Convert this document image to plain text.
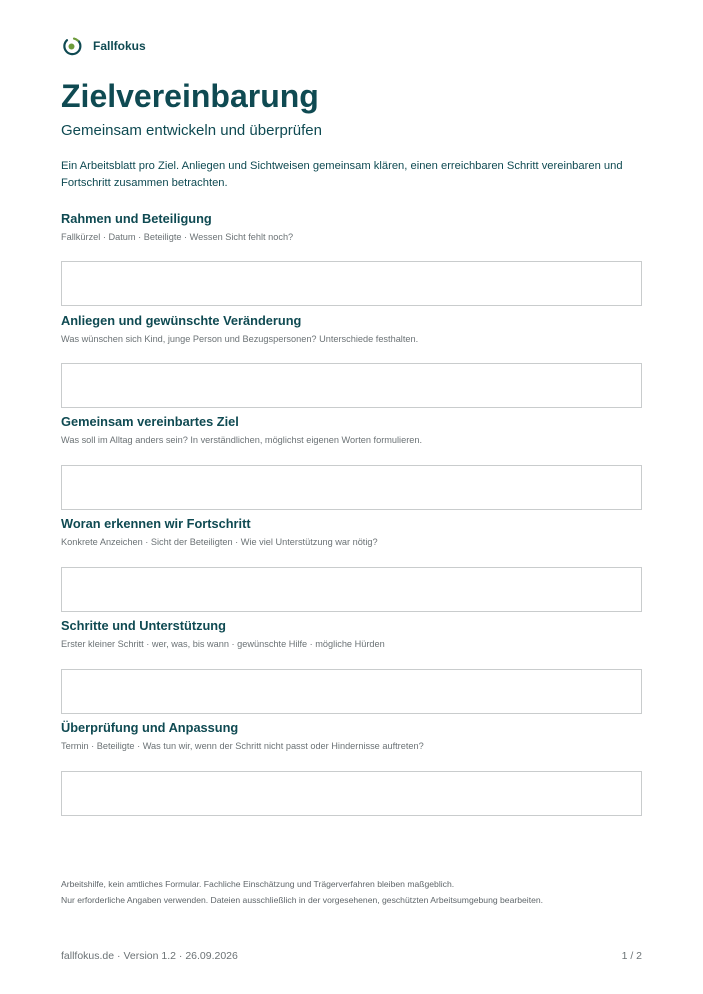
Fallfokus
Zielvereinbarung
Gemeinsam entwickeln und überprüfen
Ein Arbeitsblatt pro Ziel. Anliegen und Sichtweisen gemeinsam klären, einen erreichbaren Schritt vereinbaren und Fortschritt zusammen betrachten.
Rahmen und Beteiligung
Fallkürzel · Datum · Beteiligte · Wessen Sicht fehlt noch?
Anliegen und gewünschte Veränderung
Was wünschen sich Kind, junge Person und Bezugspersonen? Unterschiede festhalten.
Gemeinsam vereinbartes Ziel
Was soll im Alltag anders sein? In verständlichen, möglichst eigenen Worten formulieren.
Woran erkennen wir Fortschritt
Konkrete Anzeichen · Sicht der Beteiligten · Wie viel Unterstützung war nötig?
Schritte und Unterstützung
Erster kleiner Schritt · wer, was, bis wann · gewünschte Hilfe · mögliche Hürden
Überprüfung und Anpassung
Termin · Beteiligte · Was tun wir, wenn der Schritt nicht passt oder Hindernisse auftreten?
Arbeitshilfe, kein amtliches Formular. Fachliche Einschätzung und Trägerverfahren bleiben maßgeblich.
Nur erforderliche Angaben verwenden. Dateien ausschließlich in der vorgesehenen, geschützten Arbeitsumgebung bearbeiten.
fallfokus.de · Version 1.2 · 26.09.2026	1 / 2
